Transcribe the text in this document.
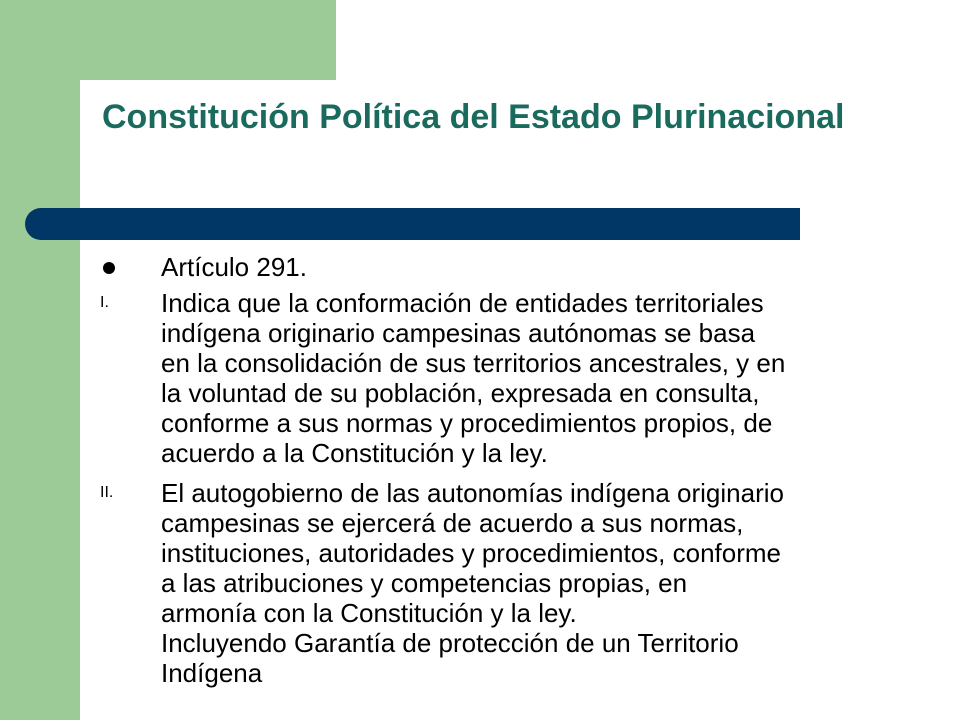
Constitución Política del Estado Plurinacional
Artículo 291.
I. Indica que la conformación de entidades territoriales
indígena originario campesinas autónomas se basa
en la consolidación de sus territorios ancestrales, y en
la voluntad de su población, expresada en consulta,
conforme a sus normas y procedimientos propios, de
acuerdo a la Constitución y la ley.
II. El autogobierno de las autonomías indígena originario
campesinas se ejercerá de acuerdo a sus normas,
instituciones, autoridades y procedimientos, conforme
a las atribuciones y competencias propias, en
armonía con la Constitución y la ley.
Incluyendo Garantía de protección de un Territorio
Indígena
